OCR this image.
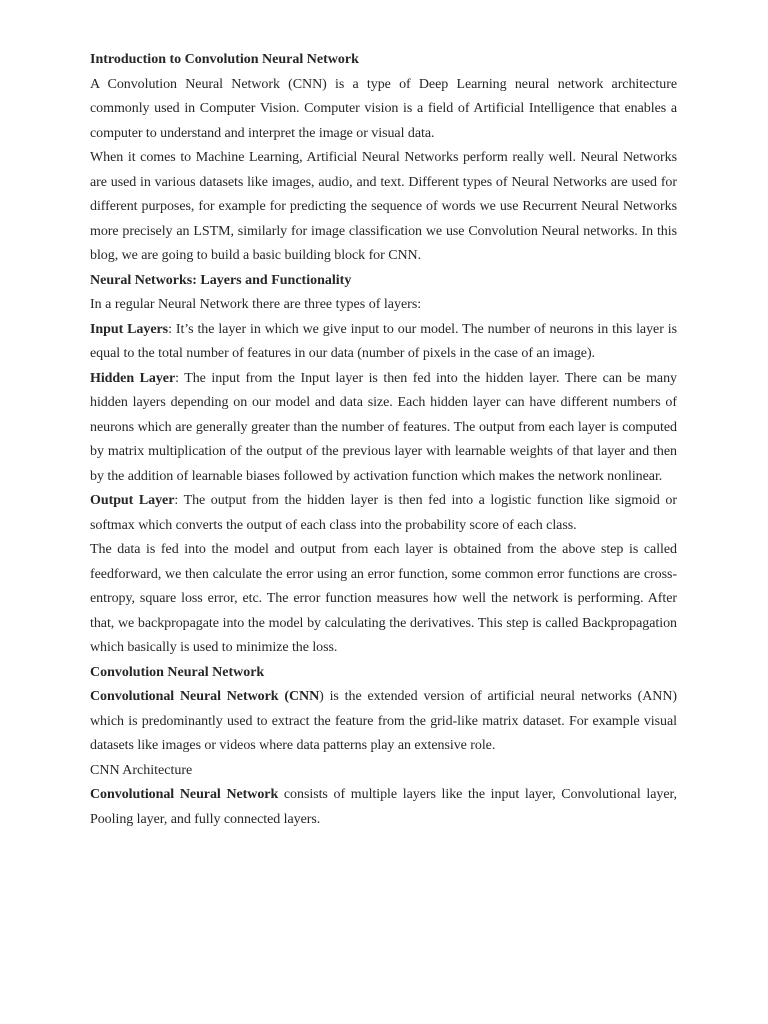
Introduction to Convolution Neural Network

A Convolution Neural Network (CNN) is a type of Deep Learning neural network architecture commonly used in Computer Vision. Computer vision is a field of Artificial Intelligence that enables a computer to understand and interpret the image or visual data.

When it comes to Machine Learning, Artificial Neural Networks perform really well. Neural Networks are used in various datasets like images, audio, and text. Different types of Neural Networks are used for different purposes, for example for predicting the sequence of words we use Recurrent Neural Networks more precisely an LSTM, similarly for image classification we use Convolution Neural networks. In this blog, we are going to build a basic building block for CNN.

Neural Networks: Layers and Functionality

In a regular Neural Network there are three types of layers:

Input Layers: It’s the layer in which we give input to our model. The number of neurons in this layer is equal to the total number of features in our data (number of pixels in the case of an image).

Hidden Layer: The input from the Input layer is then fed into the hidden layer. There can be many hidden layers depending on our model and data size. Each hidden layer can have different numbers of neurons which are generally greater than the number of features. The output from each layer is computed by matrix multiplication of the output of the previous layer with learnable weights of that layer and then by the addition of learnable biases followed by activation function which makes the network nonlinear.

Output Layer: The output from the hidden layer is then fed into a logistic function like sigmoid or softmax which converts the output of each class into the probability score of each class.

The data is fed into the model and output from each layer is obtained from the above step is called feedforward, we then calculate the error using an error function, some common error functions are cross-entropy, square loss error, etc. The error function measures how well the network is performing. After that, we backpropagate into the model by calculating the derivatives. This step is called Backpropagation which basically is used to minimize the loss.

Convolution Neural Network

Convolutional Neural Network (CNN) is the extended version of artificial neural networks (ANN) which is predominantly used to extract the feature from the grid-like matrix dataset. For example visual datasets like images or videos where data patterns play an extensive role.

CNN Architecture

Convolutional Neural Network consists of multiple layers like the input layer, Convolutional layer, Pooling layer, and fully connected layers.
